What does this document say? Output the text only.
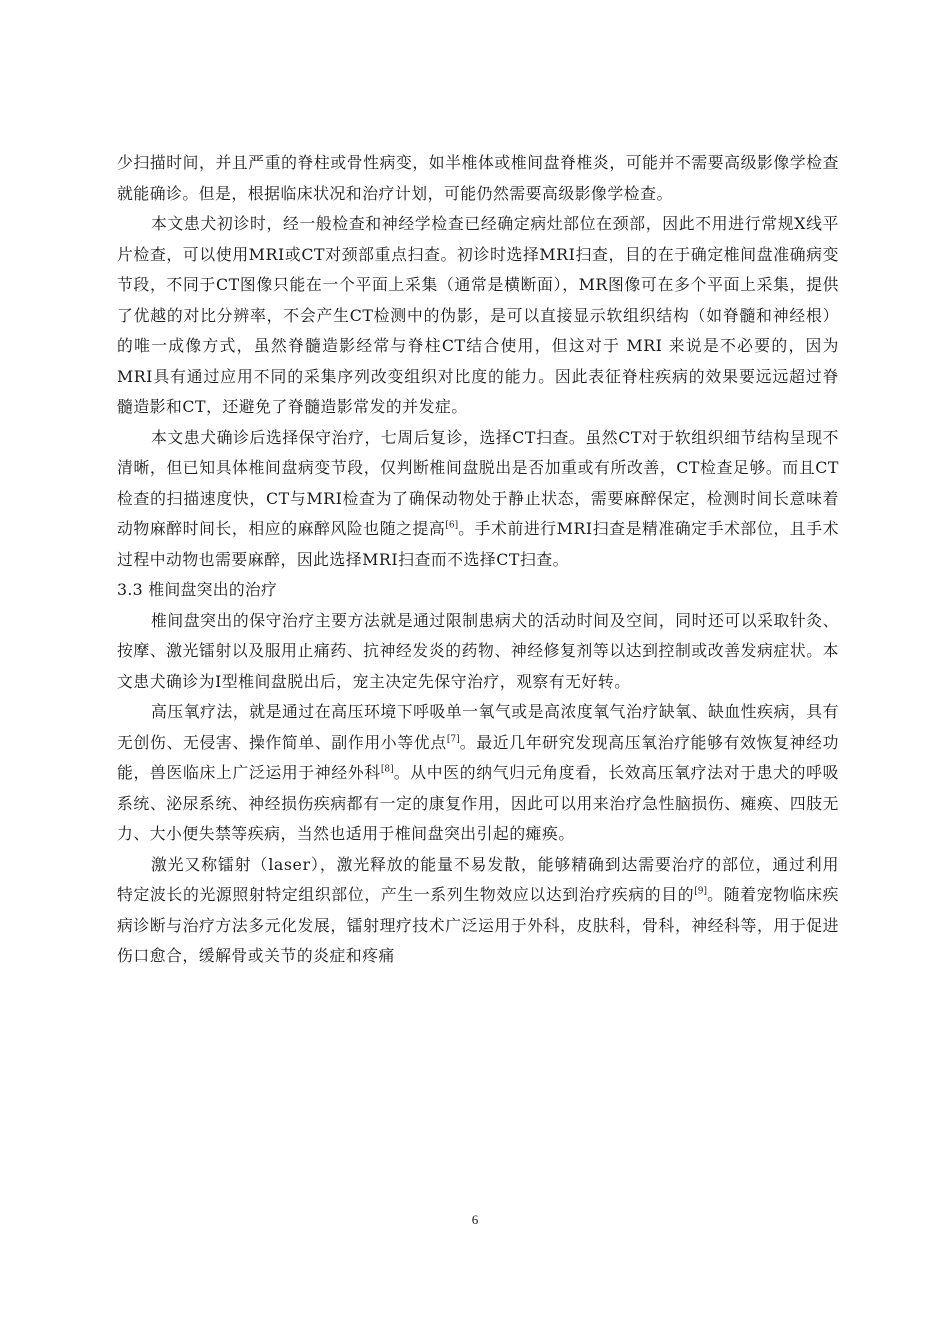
少扫描时间，并且严重的脊柱或骨性病变，如半椎体或椎间盘脊椎炎，可能并不需要高级影像学检查就能确诊。但是，根据临床状况和治疗计划，可能仍然需要高级影像学检查。

本文患犬初诊时，经一般检查和神经学检查已经确定病灶部位在颈部，因此不用进行常规X线平片检查，可以使用MRI或CT对颈部重点扫查。初诊时选择MRI扫查，目的在于确定椎间盘准确病变节段，不同于CT图像只能在一个平面上采集（通常是横断面），MR图像可在多个平面上采集，提供了优越的对比分辨率，不会产生CT检测中的伪影，是可以直接显示软组织结构（如脊髓和神经根）的唯一成像方式，虽然脊髓造影经常与脊柱CT结合使用，但这对于 MRI 来说是不必要的，因为MRI具有通过应用不同的采集序列改变组织对比度的能力。因此表征脊柱疾病的效果要远远超过脊髓造影和CT，还避免了脊髓造影常发的并发症。

本文患犬确诊后选择保守治疗，七周后复诊，选择CT扫查。虽然CT对于软组织细节结构呈现不清晰，但已知具体椎间盘病变节段，仅判断椎间盘脱出是否加重或有所改善，CT检查足够。而且CT检查的扫描速度快，CT与MRI检查为了确保动物处于静止状态，需要麻醉保定，检测时间长意味着动物麻醉时间长，相应的麻醉风险也随之提高[6]。手术前进行MRI扫查是精准确定手术部位，且手术过程中动物也需要麻醉，因此选择MRI扫查而不选择CT扫查。

3.3 椎间盘突出的治疗

椎间盘突出的保守治疗主要方法就是通过限制患病犬的活动时间及空间，同时还可以采取针灸、按摩、激光镭射以及服用止痛药、抗神经发炎的药物、神经修复剂等以达到控制或改善发病症状。本文患犬确诊为Ⅰ型椎间盘脱出后，宠主决定先保守治疗，观察有无好转。

高压氧疗法，就是通过在高压环境下呼吸单一氧气或是高浓度氧气治疗缺氧、缺血性疾病，具有无创伤、无侵害、操作简单、副作用小等优点[7]。最近几年研究发现高压氧治疗能够有效恢复神经功能，兽医临床上广泛运用于神经外科[8]。从中医的纳气归元角度看，长效高压氧疗法对于患犬的呼吸系统、泌尿系统、神经损伤疾病都有一定的康复作用，因此可以用来治疗急性脑损伤、瘫痪、四肢无力、大小便失禁等疾病，当然也适用于椎间盘突出引起的瘫痪。

激光又称镭射（laser），激光释放的能量不易发散，能够精确到达需要治疗的部位，通过利用特定波长的光源照射特定组织部位，产生一系列生物效应以达到治疗疾病的目的[9]。随着宠物临床疾病诊断与治疗方法多元化发展，镭射理疗技术广泛运用于外科，皮肤科，骨科，神经科等，用于促进伤口愈合，缓解骨或关节的炎症和疼痛

6
